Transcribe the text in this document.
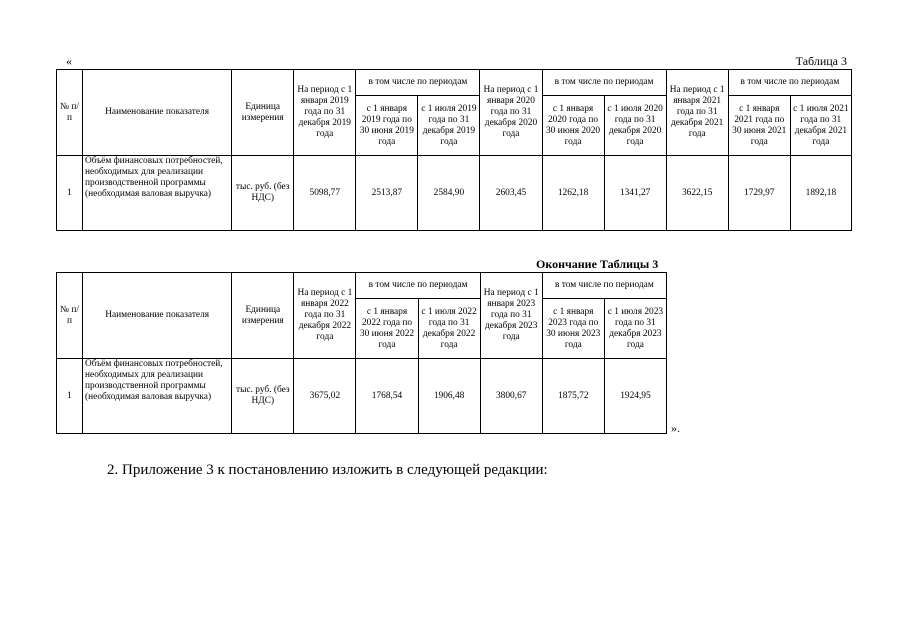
«	Таблица 3
№ п/п	Наименование показателя	Единица измерения	На период с 1 января 2019 года по 31 декабря 2019 года	в том числе по периодам		На период с 1 января 2020 года по 31 декабря 2020 года	в том числе по периодам		На период с 1 января 2021 года по 31 декабря 2021 года	в том числе по периодам	
				с 1 января 2019 года по 30 июня 2019 года	с 1 июля 2019 года по 31 декабря 2019 года		с 1 января 2020 года по 30 июня 2020 года	с 1 июля 2020 года по 31 декабря 2020 года		с 1 января 2021 года по 30 июня 2021 года	с 1 июля 2021 года по 31 декабря 2021 года
1	Объём финансовых потребностей, необходимых для реализации производственной программы (необходимая валовая выручка)	тыс. руб. (без НДС)	5098,77	2513,87	2584,90	2603,45	1262,18	1341,27	3622,15	1729,97	1892,18
Окончание Таблицы 3
№ п/п	Наименование показателя	Единица измерения	На период с 1 января 2022 года по 31 декабря 2022 года	в том числе по периодам		На период с 1 января 2023 года по 31 декабря 2023 года	в том числе по периодам	
				с 1 января 2022 года по 30 июня 2022 года	с 1 июля 2022 года по 31 декабря 2022 года		с 1 января 2023 года по 30 июня 2023 года	с 1 июля 2023 года по 31 декабря 2023 года
1	Объём финансовых потребностей, необходимых для реализации производственной программы (необходимая валовая выручка)	тыс. руб. (без НДС)	3675,02	1768,54	1906,48	3800,67	1875,72	1924,95
».
2. Приложение 3 к постановлению изложить в следующей редакции:
